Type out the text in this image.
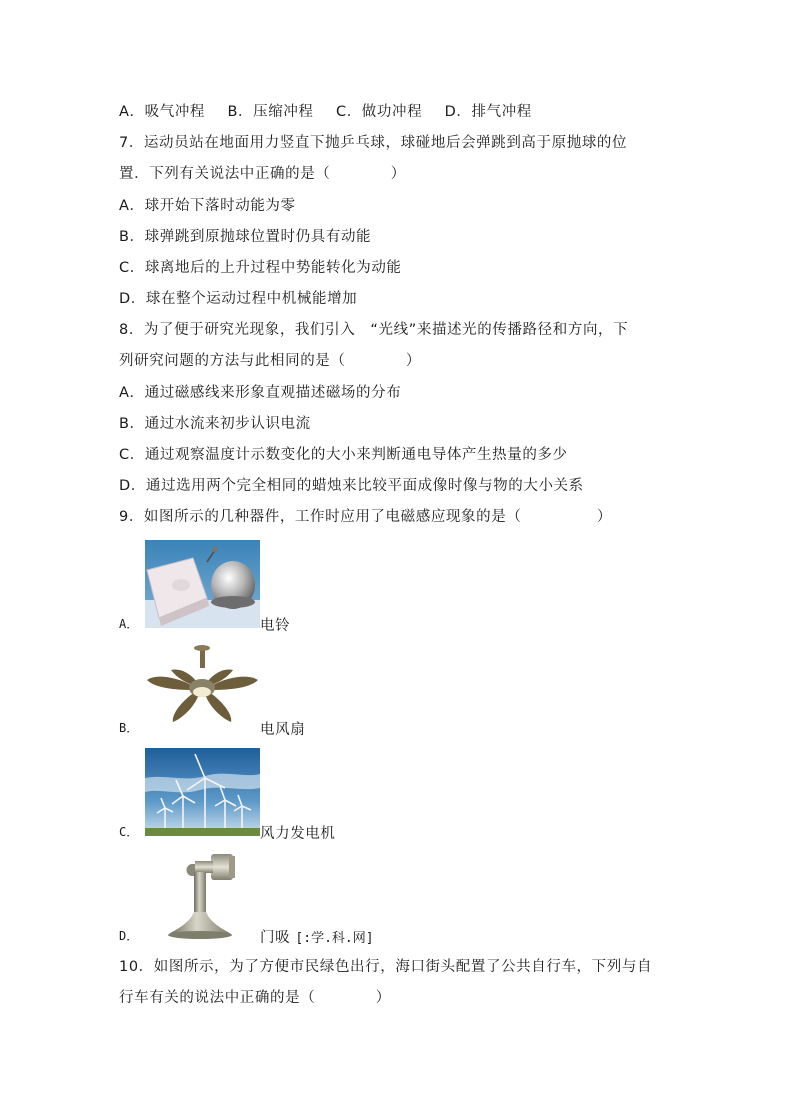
A．吸气冲程 B．压缩冲程 C．做功冲程 D．排气冲程
7．运动员站在地面用力竖直下抛乒乓球，球碰地后会弹跳到高于原抛球的位
置．下列有关说法中正确的是（　　　　）
A．球开始下落时动能为零
B．球弹跳到原抛球位置时仍具有动能
C．球离地后的上升过程中势能转化为动能
D．球在整个运动过程中机械能增加
8．为了便于研究光现象，我们引入　“光线”来描述光的传播路径和方向，下
列研究问题的方法与此相同的是（　　　　）
A．通过磁感线来形象直观描述磁场的分布
B．通过水流来初步认识电流
C．通过观察温度计示数变化的大小来判断通电导体产生热量的多少
D．通过选用两个完全相同的蜡烛来比较平面成像时像与物的大小关系
9．如图所示的几种器件，工作时应用了电磁感应现象的是（　　　　　）
A．	电铃
B．	电风扇
C．	风力发电机
D．	门吸 [:学.科.网]
10．如图所示，为了方便市民绿色出行，海口街头配置了公共自行车，下列与自
行车有关的说法中正确的是（　　　　）
